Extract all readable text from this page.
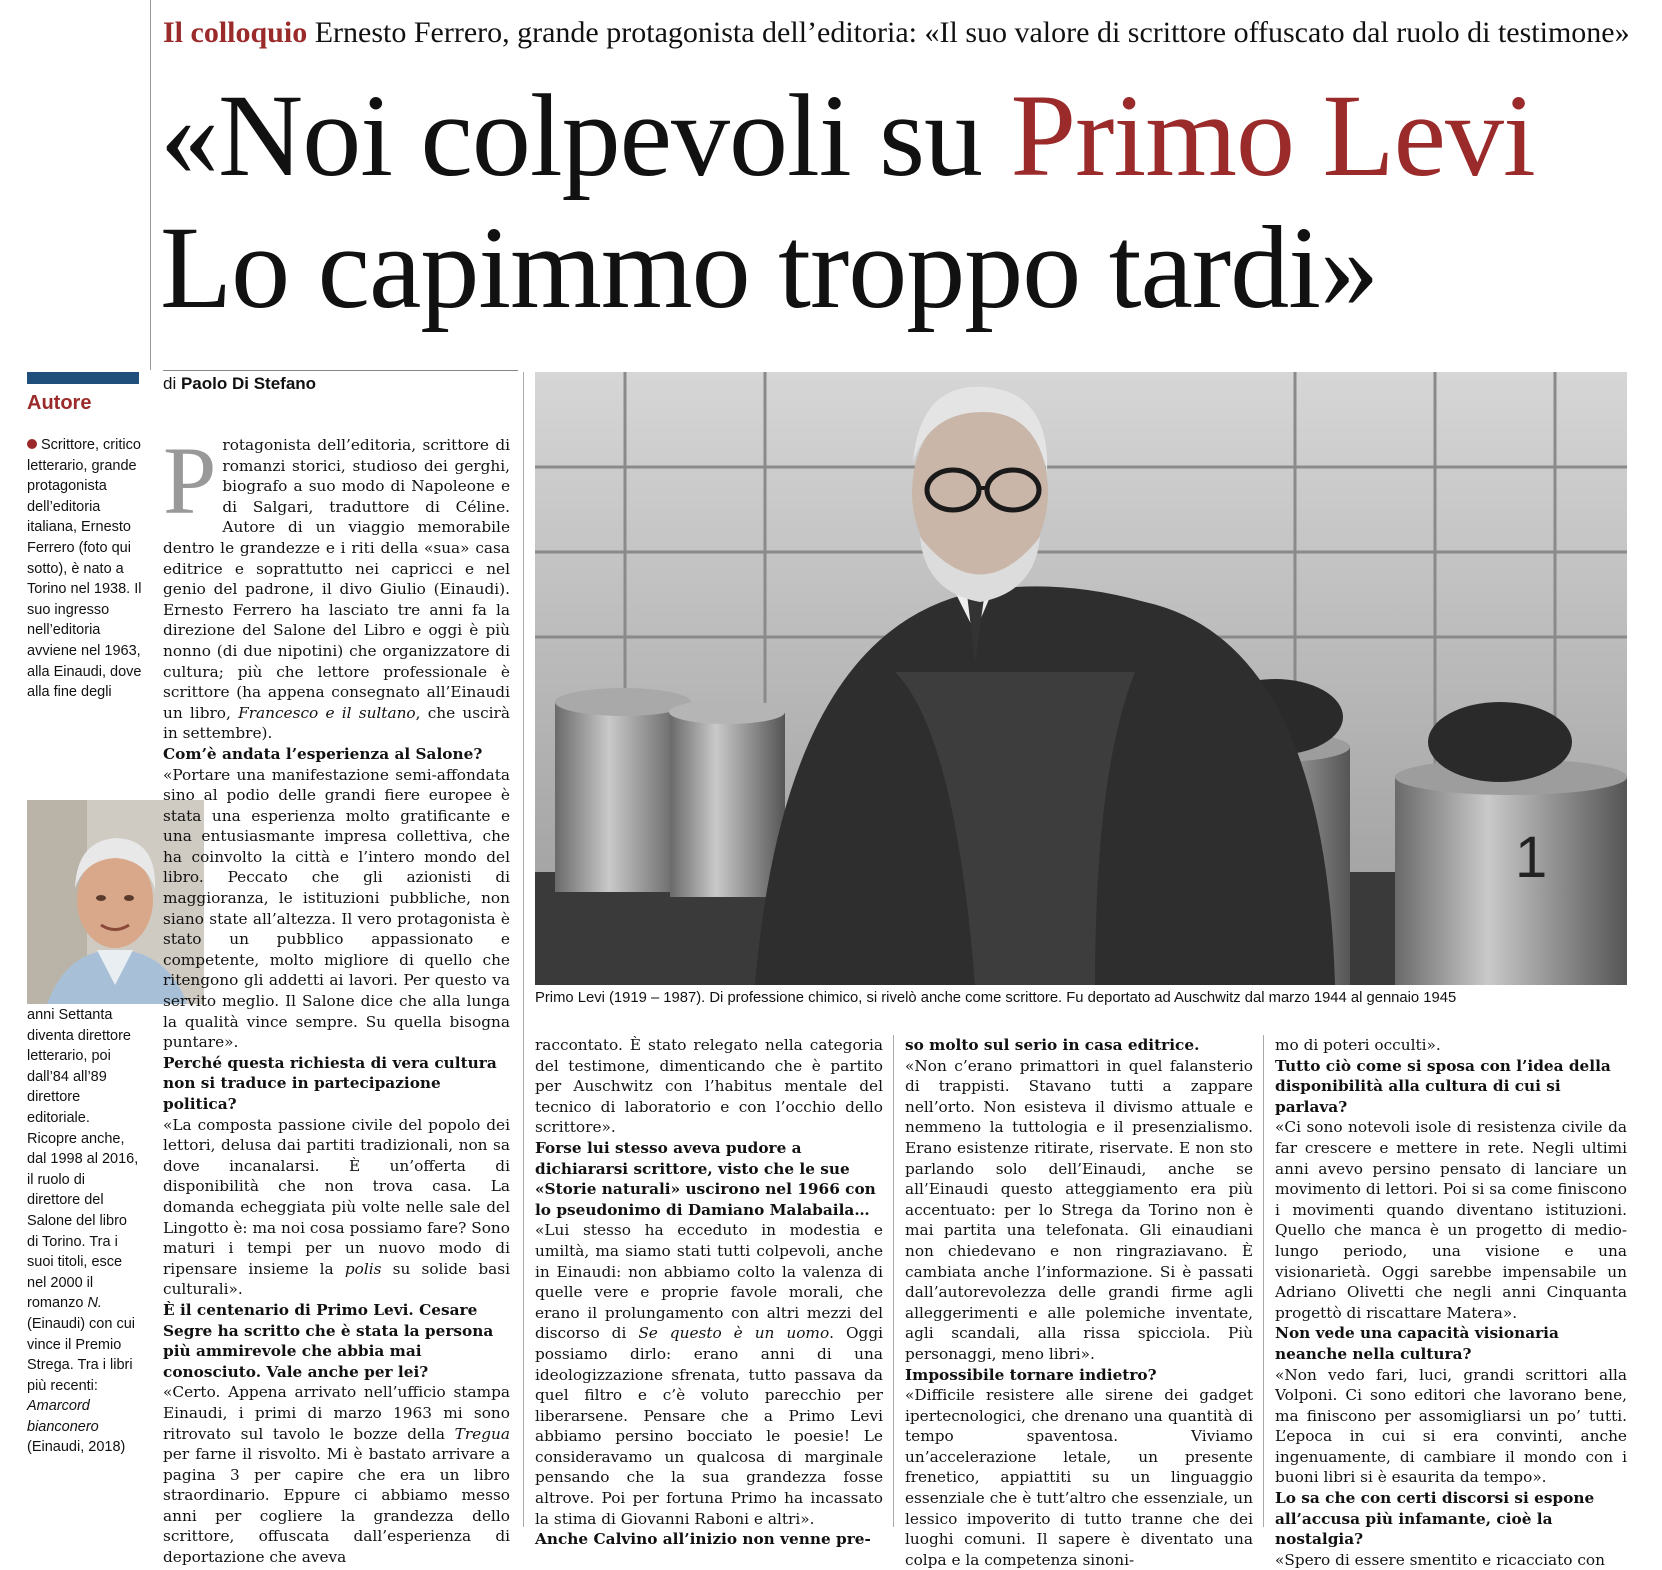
Il colloquio Ernesto Ferrero, grande protagonista dell’editoria: «Il suo valore di scrittore offuscato dal ruolo di testimone»
«Noi colpevoli su Primo Levi
Lo capimmo troppo tardi»
Autore

Scrittore, critico letterario, grande protagonista dell’editoria italiana, Ernesto Ferrero (foto qui sotto), è nato a Torino nel 1938. Il suo ingresso nell’editoria avviene nel 1963, alla Einaudi, dove alla fine degli

anni Settanta diventa direttore letterario, poi dall’84 all’89 direttore editoriale. Ricopre anche, dal 1998 al 2016, il ruolo di direttore del Salone del libro di Torino. Tra i suoi titoli, esce nel 2000 il romanzo N. (Einaudi) con cui vince il Premio Strega. Tra i libri più recenti: Amarcord bianconero (Einaudi, 2018)

di Paolo Di Stefano

Protagonista dell’editoria, scrittore di romanzi storici, studioso dei gerghi, biografo a suo modo di Napoleone e di Salgari, traduttore di Céline. Autore di un viaggio memorabile dentro le grandezze e i riti della «sua» casa editrice e soprattutto nei capricci e nel genio del padrone, il divo Giulio (Einaudi). Ernesto Ferrero ha lasciato tre anni fa la direzione del Salone del Libro e oggi è più nonno (di due nipotini) che organizzatore di cultura; più che lettore professionale è scrittore (ha appena consegnato all’Einaudi un libro, Francesco e il sultano, che uscirà in settembre).

Com’è andata l’esperienza al Salone?

«Portare una manifestazione semi-affondata sino al podio delle grandi fiere europee è stata una esperienza molto gratificante e una entusiasmante impresa collettiva, che ha coinvolto la città e l’intero mondo del libro. Peccato che gli azionisti di maggioranza, le istituzioni pubbliche, non siano state all’altezza. Il vero protagonista è stato un pubblico appassionato e competente, molto migliore di quello che ritengono gli addetti ai lavori. Per questo va servito meglio. Il Salone dice che alla lunga la qualità vince sempre. Su quella bisogna puntare».

Perché questa richiesta di vera cultura non si traduce in partecipazione politica?

«La composta passione civile del popolo dei lettori, delusa dai partiti tradizionali, non sa dove incanalarsi. È un’offerta di disponibilità che non trova casa. La domanda echeggiata più volte nelle sale del Lingotto è: ma noi cosa possiamo fare? Sono maturi i tempi per un nuovo modo di ripensare insieme la polis su solide basi culturali».

È il centenario di Primo Levi. Cesare Segre ha scritto che è stata la persona più ammirevole che abbia mai conosciuto. Vale anche per lei?

«Certo. Appena arrivato nell’ufficio stampa Einaudi, i primi di marzo 1963 mi sono ritrovato sul tavolo le bozze della Tregua per farne il risvolto. Mi è bastato arrivare a pagina 3 per capire che era un libro straordinario. Eppure ci abbiamo messo anni per cogliere la grandezza dello scrittore, offuscata dall’esperienza di deportazione che aveva

1
Primo Levi (1919 – 1987). Di professione chimico, si rivelò anche come scrittore. Fu deportato ad Auschwitz dal marzo 1944 al gennaio 1945

raccontato. È stato relegato nella categoria del testimone, dimenticando che è partito per Auschwitz con l’habitus mentale del tecnico di laboratorio e con l’occhio dello scrittore».

Forse lui stesso aveva pudore a dichiararsi scrittore, visto che le sue «Storie naturali» uscirono nel 1966 con lo pseudonimo di Damiano Malabaila…

«Lui stesso ha ecceduto in modestia e umiltà, ma siamo stati tutti colpevoli, anche in Einaudi: non abbiamo colto la valenza di quelle vere e proprie favole morali, che erano il prolungamento con altri mezzi del discorso di Se questo è un uomo. Oggi possiamo dirlo: erano anni di una ideologizzazione sfrenata, tutto passava da quel filtro e c’è voluto parecchio per liberarsene. Pensare che a Primo Levi abbiamo persino bocciato le poesie! Le consideravamo un qualcosa di marginale pensando che la sua grandezza fosse altrove. Poi per fortuna Primo ha incassato la stima di Giovanni Raboni e altri».

Anche Calvino all’inizio non venne pre-

so molto sul serio in casa editrice.

«Non c’erano primattori in quel falansterio di trappisti. Stavano tutti a zappare nell’orto. Non esisteva il divismo attuale e nemmeno la tuttologia e il presenzialismo. Erano esistenze ritirate, riservate. E non sto parlando solo dell’Einaudi, anche se all’Einaudi questo atteggiamento era più accentuato: per lo Strega da Torino non è mai partita una telefonata. Gli einaudiani non chiedevano e non ringraziavano. È cambiata anche l’informazione. Si è passati dall’autorevolezza delle grandi firme agli alleggerimenti e alle polemiche inventate, agli scandali, alla rissa spicciola. Più personaggi, meno libri».

Impossibile tornare indietro?

«Difficile resistere alle sirene dei gadget ipertecnologici, che drenano una quantità di tempo spaventosa. Viviamo un’accelerazione letale, un presente frenetico, appiattiti su un linguaggio essenziale che è tutt’altro che essenziale, un lessico impoverito di tutto tranne che dei luoghi comuni. Il sapere è diventato una colpa e la competenza sinoni-

mo di poteri occulti».

Tutto ciò come si sposa con l’idea della disponibilità alla cultura di cui si parlava?

«Ci sono notevoli isole di resistenza civile da far crescere e mettere in rete. Negli ultimi anni avevo persino pensato di lanciare un movimento di lettori. Poi si sa come finiscono i movimenti quando diventano istituzioni. Quello che manca è un progetto di medio-lungo periodo, una visione e una visionarietà. Oggi sarebbe impensabile un Adriano Olivetti che negli anni Cinquanta progettò di riscattare Matera».

Non vede una capacità visionaria neanche nella cultura?

«Non vedo fari, luci, grandi scrittori alla Volponi. Ci sono editori che lavorano bene, ma finiscono per assomigliarsi un po’ tutti. L’epoca in cui si era convinti, anche ingenuamente, di cambiare il mondo con i buoni libri si è esaurita da tempo».

Lo sa che con certi discorsi si espone all’accusa più infamante, cioè la nostalgia?

«Spero di essere smentito e ricacciato con
